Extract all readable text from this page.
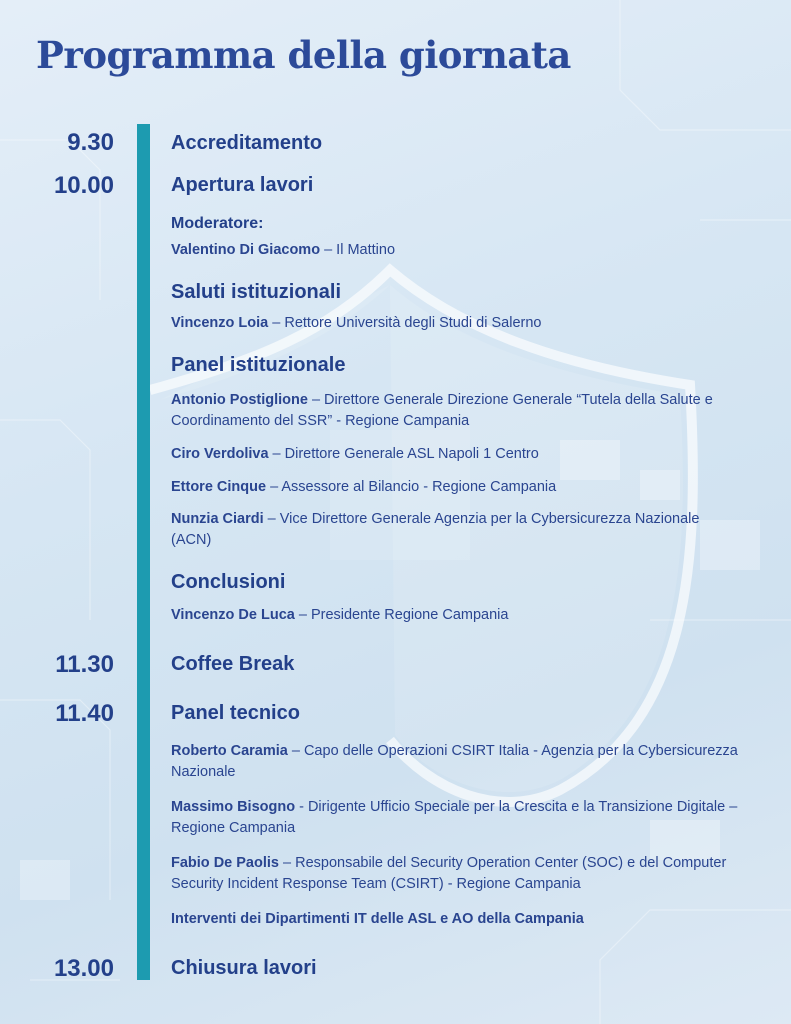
Programma della giornata
9.30	Accreditamento
10.00	Apertura lavori
Moderatore:
Valentino Di Giacomo – Il Mattino
Saluti istituzionali
Vincenzo Loia – Rettore Università degli Studi di Salerno
Panel istituzionale
Antonio Postiglione – Direttore Generale Direzione Generale “Tutela della Salute e Coordinamento del SSR” - Regione Campania
Ciro Verdoliva – Direttore Generale ASL Napoli 1 Centro
Ettore Cinque – Assessore al Bilancio - Regione Campania
Nunzia Ciardi – Vice Direttore Generale Agenzia per la Cybersicurezza Nazionale (ACN)
Conclusioni
Vincenzo De Luca – Presidente Regione Campania
11.30	Coffee Break
11.40	Panel tecnico
Roberto Caramia – Capo delle Operazioni CSIRT Italia - Agenzia per la Cybersicurezza Nazionale
Massimo Bisogno - Dirigente Ufficio Speciale per la Crescita e la Transizione Digitale – Regione Campania
Fabio De Paolis – Responsabile del Security Operation Center (SOC) e del Computer Security Incident Response Team (CSIRT) - Regione Campania
Interventi dei Dipartimenti IT delle ASL e AO della Campania
13.00	Chiusura lavori
